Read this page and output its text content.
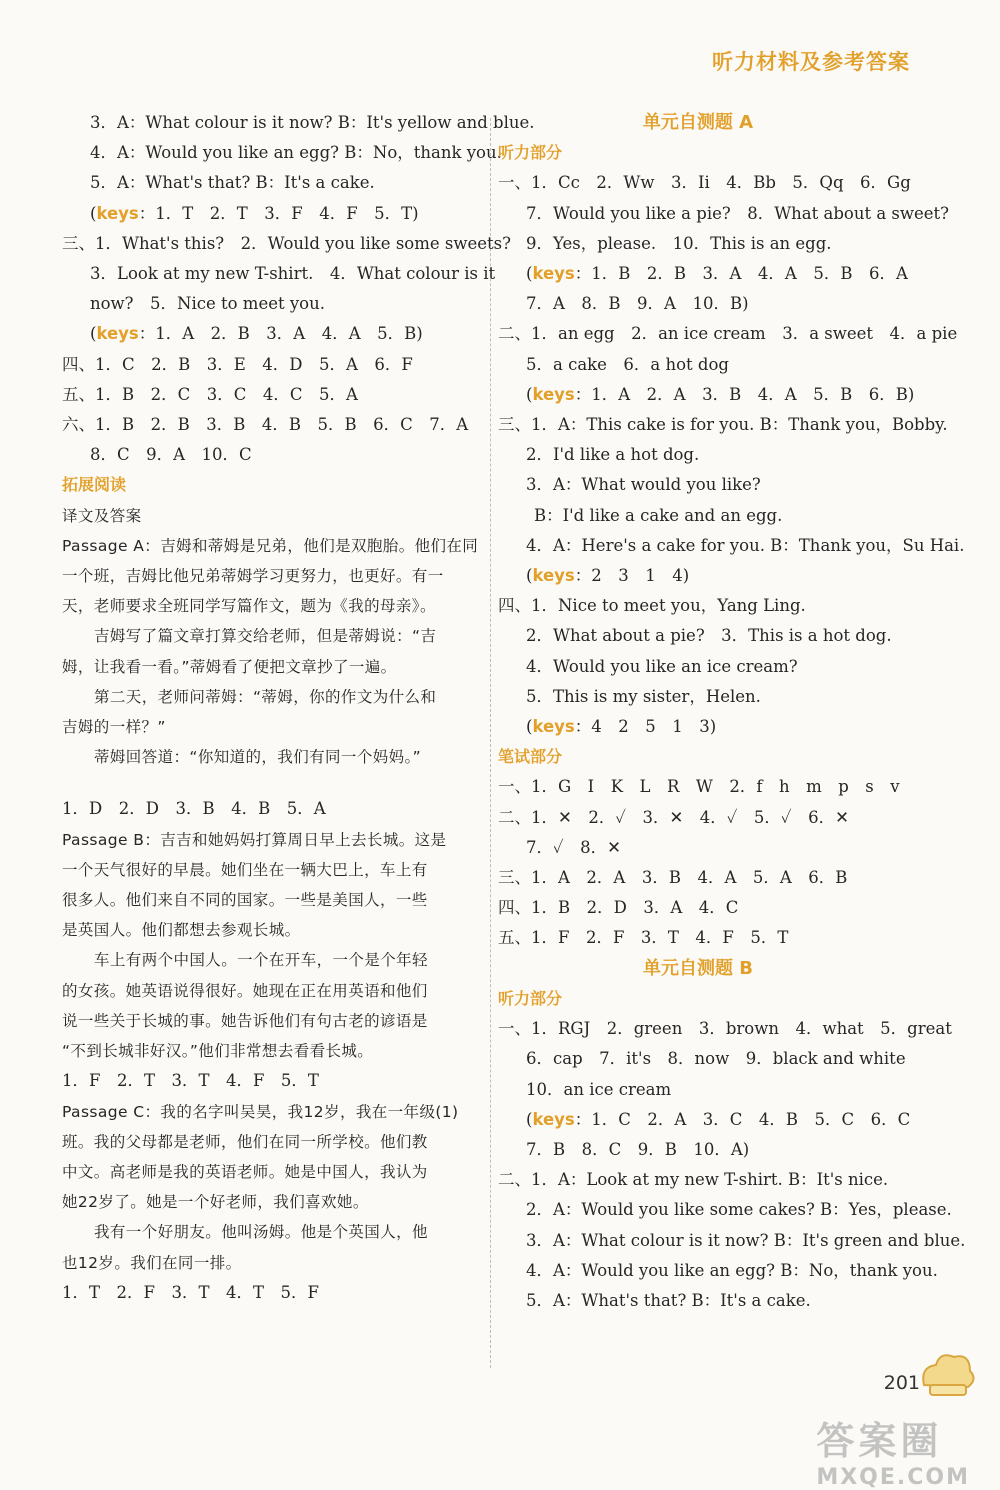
听力材料及参考答案
3．A：What colour is it now? B：It's yellow and blue.
4．A：Would you like an egg? B：No，thank you.
5．A：What's that? B：It's a cake.
(keys：1．T　2．T　3．F　4．F　5．T)
三、1．What's this?　2．Would you like some sweets?
3．Look at my new T-shirt.　4．What colour is it
now?　5．Nice to meet you.
(keys：1．A　2．B　3．A　4．A　5．B)
四、1．C　2．B　3．E　4．D　5．A　6．F
五、1．B　2．C　3．C　4．C　5．A
六、1．B　2．B　3．B　4．B　5．B　6．C　7．A
8．C　9．A　10．C
拓展阅读
译文及答案
Passage A：吉姆和蒂姆是兄弟，他们是双胞胎。他们在同
一个班，吉姆比他兄弟蒂姆学习更努力，也更好。有一
天，老师要求全班同学写篇作文，题为《我的母亲》。
吉姆写了篇文章打算交给老师，但是蒂姆说：“吉
姆，让我看一看。”蒂姆看了便把文章抄了一遍。
第二天，老师问蒂姆：“蒂姆，你的作文为什么和
吉姆的一样？”
蒂姆回答道：“你知道的，我们有同一个妈妈。”
1．D　2．D　3．B　4．B　5．A
Passage B：吉吉和她妈妈打算周日早上去长城。这是
一个天气很好的早晨。她们坐在一辆大巴上，车上有
很多人。他们来自不同的国家。一些是美国人，一些
是英国人。他们都想去参观长城。
车上有两个中国人。一个在开车，一个是个年轻
的女孩。她英语说得很好。她现在正在用英语和他们
说一些关于长城的事。她告诉他们有句古老的谚语是
“不到长城非好汉。”他们非常想去看看长城。
1．F　2．T　3．T　4．F　5．T
Passage C：我的名字叫吴昊，我12岁，我在一年级(1)
班。我的父母都是老师，他们在同一所学校。他们教
中文。高老师是我的英语老师。她是中国人，我认为
她22岁了。她是一个好老师，我们喜欢她。
我有一个好朋友。他叫汤姆。他是个英国人，他
也12岁。我们在同一排。
1．T　2．F　3．T　4．T　5．F
单元自测题 A
听力部分
一、1．Cc　2．Ww　3．Ii　4．Bb　5．Qq　6．Gg
7．Would you like a pie?　8．What about a sweet?
9．Yes，please.　10．This is an egg.
(keys：1．B　2．B　3．A　4．A　5．B　6．A
7．A　8．B　9．A　10．B)
二、1．an egg　2．an ice cream　3．a sweet　4．a pie
5．a cake　6．a hot dog
(keys：1．A　2．A　3．B　4．A　5．B　6．B)
三、1．A：This cake is for you. B：Thank you，Bobby.
2．I'd like a hot dog.
3．A：What would you like?
B：I'd like a cake and an egg.
4．A：Here's a cake for you. B：Thank you，Su Hai.
(keys：2　3　1　4)
四、1．Nice to meet you，Yang Ling.
2．What about a pie?　3．This is a hot dog.
4．Would you like an ice cream?
5．This is my sister，Helen.
(keys：4　2　5　1　3)
笔试部分
一、1．G　I　K　L　R　W　2．f　h　m　p　s　v
二、1．✕　2．✓　3．✕　4．✓　5．✓　6．✕
7．✓　8．✕
三、1．A　2．A　3．B　4．A　5．A　6．B
四、1．B　2．D　3．A　4．C
五、1．F　2．F　3．T　4．F　5．T
单元自测题 B
听力部分
一、1．RGJ　2．green　3．brown　4．what　5．great
6．cap　7．it's　8．now　9．black and white
10．an ice cream
(keys：1．C　2．A　3．C　4．B　5．C　6．C
7．B　8．C　9．B　10．A)
二、1．A：Look at my new T-shirt. B：It's nice.
2．A：Would you like some cakes? B：Yes，please.
3．A：What colour is it now? B：It's green and blue.
4．A：Would you like an egg? B：No，thank you.
5．A：What's that? B：It's a cake.
201
答案圈
MXQE.COM
